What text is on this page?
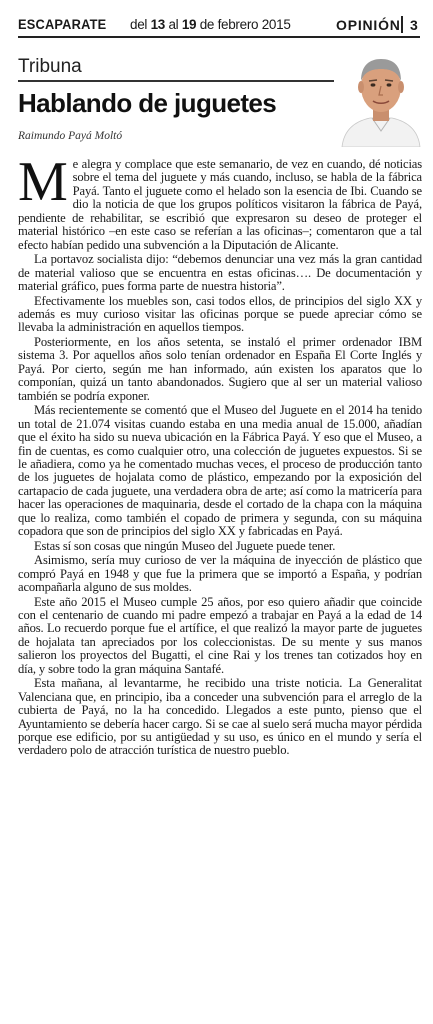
ESCAPARATE del 13 al 19 de febrero 2015	OPINIÓN 3
Tribuna
Hablando de juguetes
Raimundo Payá Moltó

Me alegra y complace que este semanario, de vez en cuando, dé noticias sobre el tema del juguete y más cuando, incluso, se habla de la fábrica Payá. Tanto el juguete como el helado son la esencia de Ibi. Cuando se dio la noticia de que los grupos políticos visitaron la fábrica de Payá, pendiente de rehabilitar, se escribió que expresaron su deseo de proteger el material histórico –en este caso se referían a las oficinas–; comentaron que a tal efecto habían pedido una subvención a la Diputación de Alicante.

La portavoz socialista dijo: “debemos denunciar una vez más la gran cantidad de material valioso que se encuentra en estas oficinas…. De documentación y material gráfico, pues forma parte de nuestra historia”.

Efectivamente los muebles son, casi todos ellos, de principios del siglo XX y además es muy curioso visitar las oficinas porque se puede apreciar cómo se llevaba la administración en aquellos tiempos.

Posteriormente, en los años setenta, se instaló el primer ordenador IBM sistema 3. Por aquellos años solo tenían ordenador en España El Corte Inglés y Payá. Por cierto, según me han informado, aún existen los aparatos que lo componían, quizá un tanto abandonados. Sugiero que al ser un material valioso también se podría exponer.

Más recientemente se comentó que el Museo del Juguete en el 2014 ha tenido un total de 21.074 visitas cuando estaba en una media anual de 15.000, añadían que el éxito ha sido su nueva ubicación en la Fábrica Payá. Y eso que el Museo, a fin de cuentas, es como cualquier otro, una colección de juguetes expuestos. Si se le añadiera, como ya he comentado muchas veces, el proceso de producción tanto de los juguetes de hojalata como de plástico, empezando por la exposición del cartapacio de cada juguete, una verdadera obra de arte; así como la matricería para hacer las operaciones de maquinaria, desde el cortado de la chapa con la máquina que lo realiza, como también el copado de primera y segunda, con su máquina copadora que son de principios del siglo XX y fabricadas en Payá.

Estas sí son cosas que ningún Museo del Juguete puede tener.

Asimismo, sería muy curioso de ver la máquina de inyección de plástico que compró Payá en 1948 y que fue la primera que se importó a España, y podrían acompañarla alguno de sus moldes.

Este año 2015 el Museo cumple 25 años, por eso quiero añadir que coincide con el centenario de cuando mi padre empezó a trabajar en Payá a la edad de 14 años. Lo recuerdo porque fue el artífice, el que realizó la mayor parte de juguetes de hojalata tan apreciados por los coleccionistas. De su mente y sus manos salieron los proyectos del Bugatti, el cine Rai y los trenes tan cotizados hoy en día, y sobre todo la gran máquina Santafé.

Esta mañana, al levantarme, he recibido una triste noticia. La Generalitat Valenciana que, en principio, iba a conceder una subvención para el arreglo de la cubierta de Payá, no la ha concedido. Llegados a este punto, pienso que el Ayuntamiento se debería hacer cargo. Si se cae al suelo será mucha mayor pérdida porque ese edificio, por su antigüedad y su uso, es único en el mundo y sería el verdadero polo de atracción turística de nuestro pueblo.
